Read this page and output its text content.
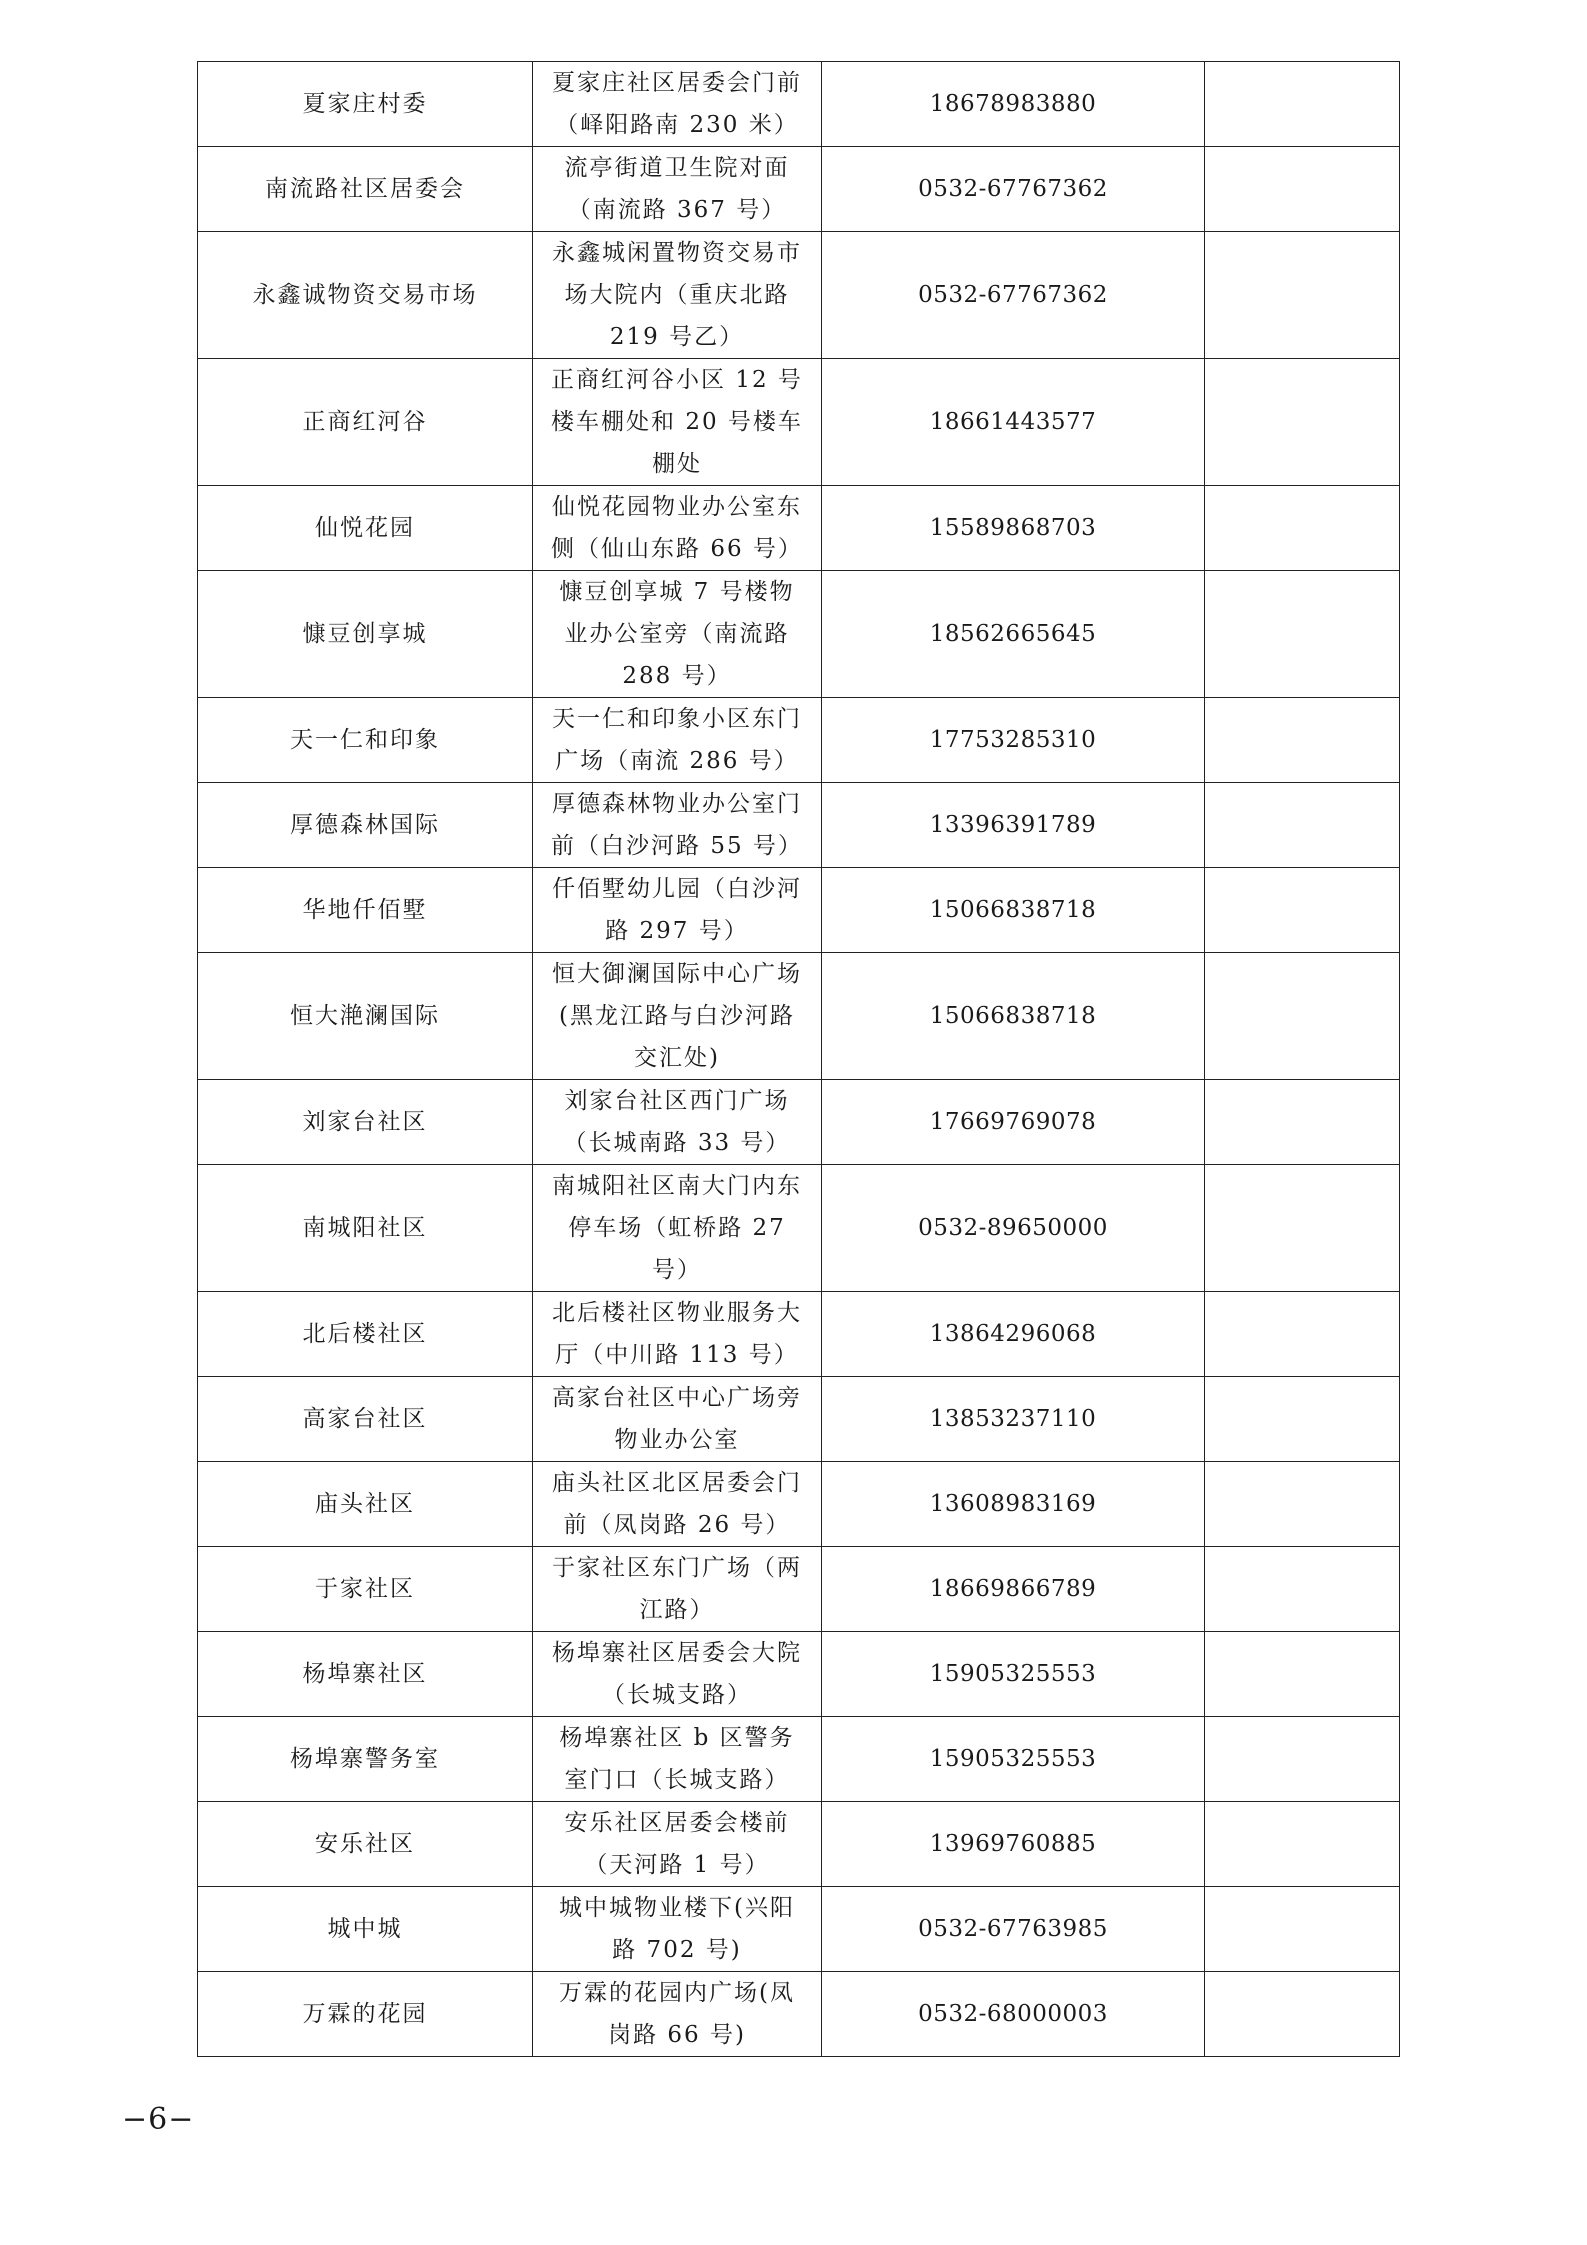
夏家庄村委	夏家庄社区居委会门前（峄阳路南 230 米）	18678983880	
南流路社区居委会	流亭街道卫生院对面（南流路 367 号）	0532-67767362	
永鑫诚物资交易市场	永鑫城闲置物资交易市场大院内（重庆北路 219 号乙）	0532-67767362	
正商红河谷	正商红河谷小区 12 号楼车棚处和 20 号楼车棚处	18661443577	
仙悦花园	仙悦花园物业办公室东侧（仙山东路 66 号）	15589868703	
慷豆创享城	慷豆创享城 7 号楼物业办公室旁（南流路 288 号）	18562665645	
天一仁和印象	天一仁和印象小区东门广场（南流 286 号）	17753285310	
厚德森林国际	厚德森林物业办公室门前（白沙河路 55 号）	13396391789	
华地仟佰墅	仟佰墅幼儿园（白沙河路 297 号）	15066838718	
恒大滟澜国际	恒大御澜国际中心广场(黑龙江路与白沙河路交汇处)	15066838718	
刘家台社区	刘家台社区西门广场（长城南路 33 号）	17669769078	
南城阳社区	南城阳社区南大门内东停车场（虹桥路 27 号）	0532-89650000	
北后楼社区	北后楼社区物业服务大厅（中川路 113 号）	13864296068	
高家台社区	高家台社区中心广场旁物业办公室	13853237110	
庙头社区	庙头社区北区居委会门前（凤岗路 26 号）	13608983169	
于家社区	于家社区东门广场（两江路）	18669866789	
杨埠寨社区	杨埠寨社区居委会大院（长城支路）	15905325553	
杨埠寨警务室	杨埠寨社区 b 区警务室门口（长城支路）	15905325553	
安乐社区	安乐社区居委会楼前（天河路 1 号）	13969760885	
城中城	城中城物业楼下(兴阳路 702 号)	0532-67763985	
万霖的花园	万霖的花园内广场(凤岗路 66 号)	0532-68000003	
−6−
